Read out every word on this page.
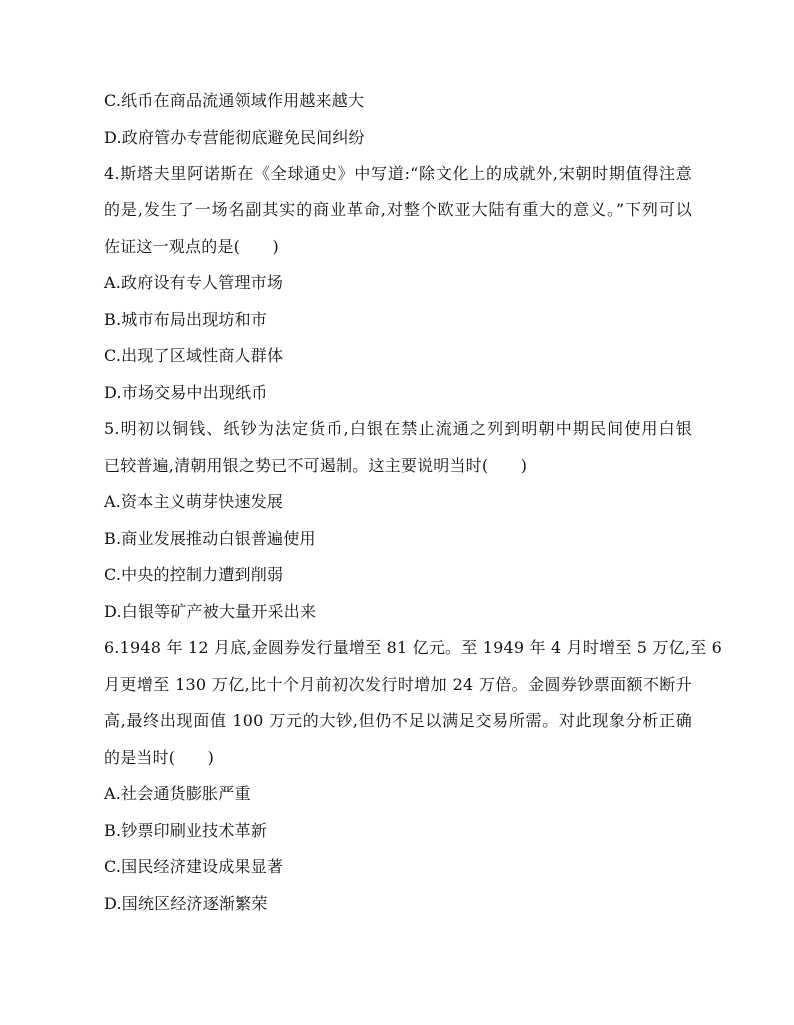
C.纸币在商品流通领域作用越来越大
D.政府管办专营能彻底避免民间纠纷
4.斯塔夫里阿诺斯在《全球通史》中写道:“除文化上的成就外,宋朝时期值得注意
的是,发生了一场名副其实的商业革命,对整个欧亚大陆有重大的意义。”下列可以
佐证这一观点的是(　　)
A.政府设有专人管理市场
B.城市布局出现坊和市
C.出现了区域性商人群体
D.市场交易中出现纸币
5.明初以铜钱、纸钞为法定货币,白银在禁止流通之列到明朝中期民间使用白银
已较普遍,清朝用银之势已不可遏制。这主要说明当时(　　)
A.资本主义萌芽快速发展
B.商业发展推动白银普遍使用
C.中央的控制力遭到削弱
D.白银等矿产被大量开采出来
6.1948 年 12 月底,金圆券发行量增至 81 亿元。至 1949 年 4 月时增至 5 万亿,至 6
月更增至 130 万亿,比十个月前初次发行时增加 24 万倍。金圆券钞票面额不断升
高,最终出现面值 100 万元的大钞,但仍不足以满足交易所需。对此现象分析正确
的是当时(　　)
A.社会通货膨胀严重
B.钞票印刷业技术革新
C.国民经济建设成果显著
D.国统区经济逐渐繁荣
